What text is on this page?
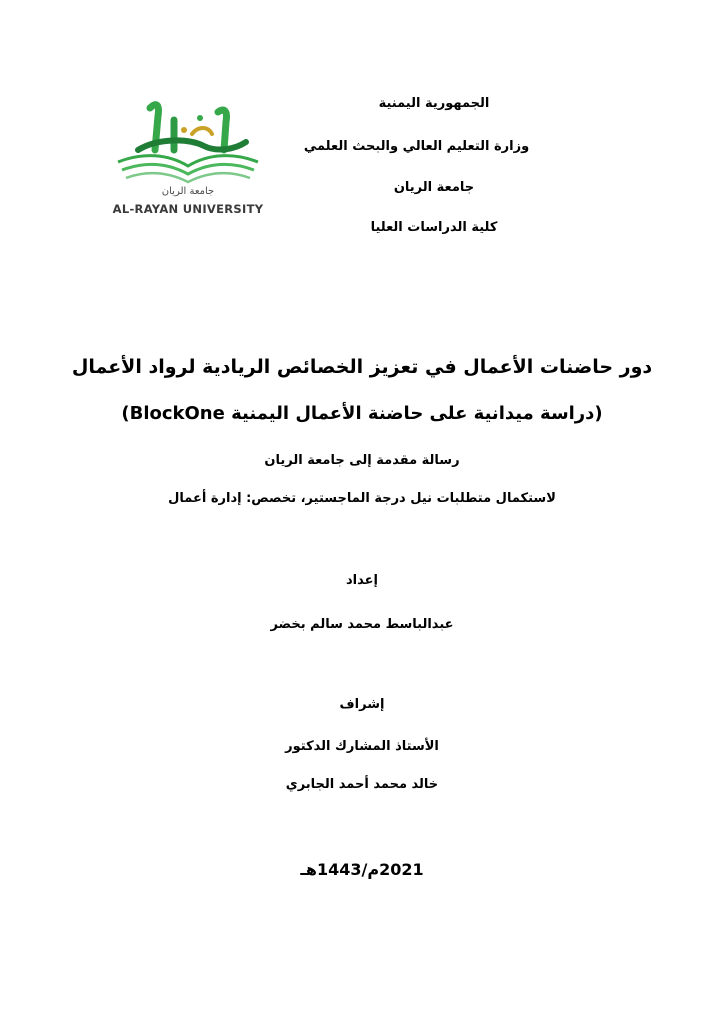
جامعة الريان
AL-RAYAN UNIVERSITY
الجمهورية اليمنية
وزارة التعليم العالي والبحث العلمي
جامعة الريان
كلية الدراسات العليا
دور حاضنات الأعمال في تعزيز الخصائص الريادية لرواد الأعمال
(دراسة ميدانية على حاضنة الأعمال اليمنية BlockOne)
رسالة مقدمة إلى جامعة الريان
لاستكمال متطلبات نيل درجة الماجستير، تخصص: إدارة أعمال
إعداد
عبدالباسط محمد سالم بخضر
إشراف
الأستاذ المشارك الدكتور
خالد محمد أحمد الجابري
2021م/1443هـ
